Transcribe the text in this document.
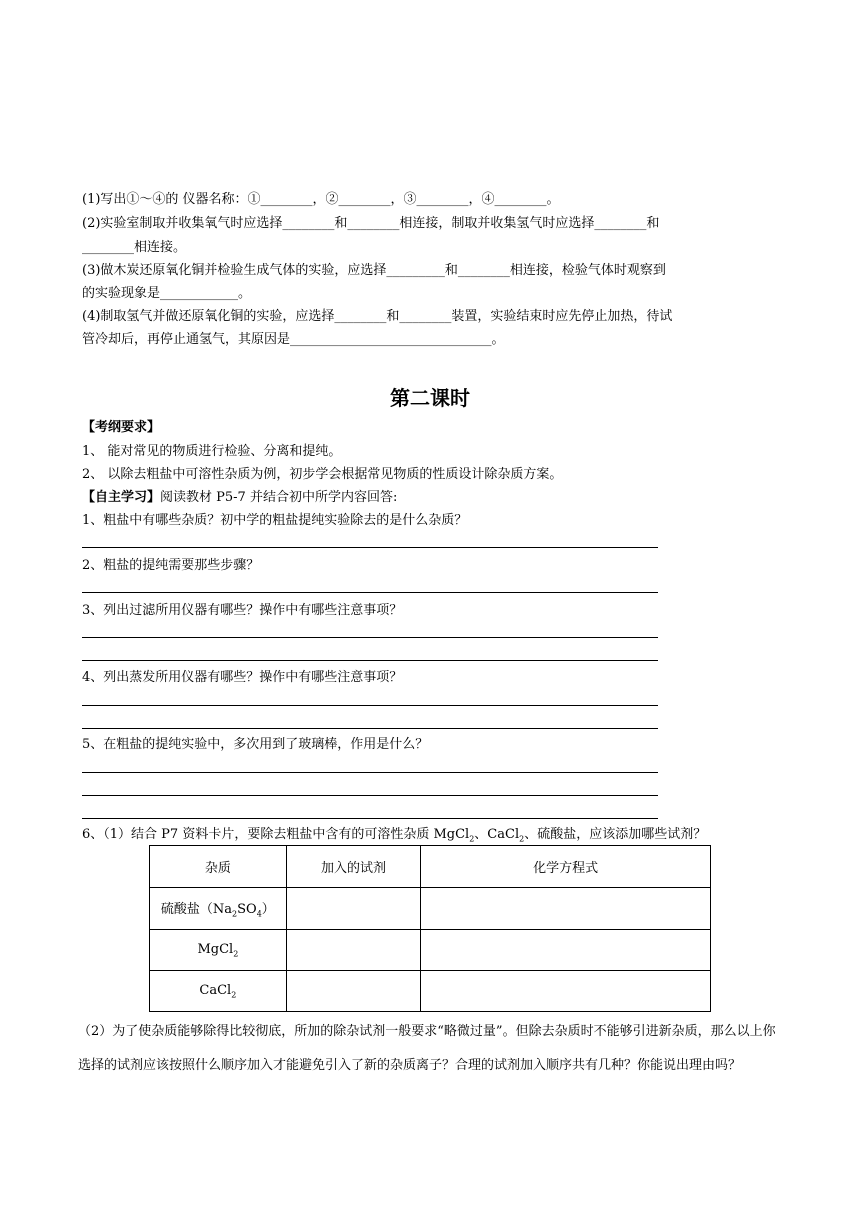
(1)写出①～④的 仪器名称：①________，②________，③________，④________。
(2)实验室制取并收集氧气时应选择________和________相连接，制取并收集氢气时应选择________和
________相连接。
(3)做木炭还原氧化铜并检验生成气体的实验，应选择_________和________相连接，检验气体时观察到
的实验现象是____________。
(4)制取氢气并做还原氧化铜的实验，应选择________和________装置，实验结束时应先停止加热，待试
管冷却后，再停止通氢气，其原因是_______________________________。
第二课时
【考纲要求】
1、 能对常见的物质进行检验、分离和提纯。
2、 以除去粗盐中可溶性杂质为例，初步学会根据常见物质的性质设计除杂质方案。
【自主学习】阅读教材 P5-7 并结合初中所学内容回答:
1、粗盐中有哪些杂质？初中学的粗盐提纯实验除去的是什么杂质？
2、粗盐的提纯需要那些步骤？
3、列出过滤所用仪器有哪些？操作中有哪些注意事项？
4、列出蒸发所用仪器有哪些？操作中有哪些注意事项？
5、在粗盐的提纯实验中，多次用到了玻璃棒，作用是什么？
6、（1）结合 P7 资料卡片，要除去粗盐中含有的可溶性杂质 MgCl$_2$、CaCl$_2$、硫酸盐，应该添加哪些试剂？
杂质	加入的试剂	化学方程式
硫酸盐$(Na_2SO_4)$		
MgCl$_2$		
CaCl$_2$		
（2）为了使杂质能够除得比较彻底，所加的除杂试剂一般要求“略微过量”。但除去杂质时不能够引进新杂质，那么以上你选择的试剂应该按照什么顺序加入才能避免引入了新的杂质离子？合理的试剂加入顺序共有几种？你能说出理由吗？
